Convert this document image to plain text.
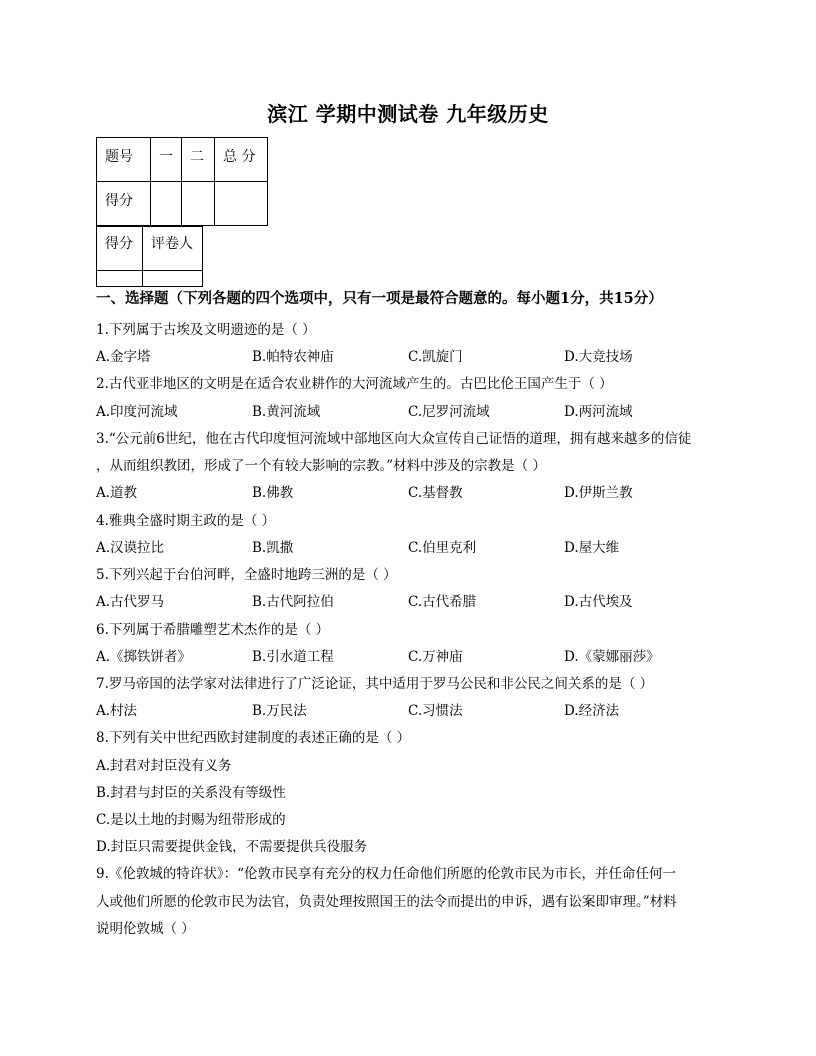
滨江 学期中测试卷 九年级历史
题号	一	二	总 分
得分			
得分	评卷人

一、选择题（下列各题的四个选项中，只有一项是最符合题意的。每小题1分，共15分）
1.下列属于古埃及文明遗迹的是（ ）
A.金字塔	B.帕特农神庙	C.凯旋门	D.大竞技场
2.古代亚非地区的文明是在适合农业耕作的大河流域产生的。古巴比伦王国产生于（ ）
A.印度河流域	B.黄河流域	C.尼罗河流域	D.两河流域
3.“公元前6世纪，他在古代印度恒河流域中部地区向大众宣传自己证悟的道理，拥有越来越多的信徒
，从而组织教团，形成了一个有较大影响的宗教。”材料中涉及的宗教是（ ）
A.道教	B.佛教	C.基督教	D.伊斯兰教
4.雅典全盛时期主政的是（ ）
A.汉谟拉比	B.凯撒	C.伯里克利	D.屋大维
5.下列兴起于台伯河畔，全盛时地跨三洲的是（ ）
A.古代罗马	B.古代阿拉伯	C.古代希腊	D.古代埃及
6.下列属于希腊雕塑艺术杰作的是（ ）
A.《掷铁饼者》	B.引水道工程	C.万神庙	D.《蒙娜丽莎》
7.罗马帝国的法学家对法律进行了广泛论证，其中适用于罗马公民和非公民之间关系的是（ ）
A.村法	B.万民法	C.习惯法	D.经济法
8.下列有关中世纪西欧封建制度的表述正确的是（ ）
A.封君对封臣没有义务
B.封君与封臣的关系没有等级性
C.是以土地的封赐为纽带形成的
D.封臣只需要提供金钱，不需要提供兵役服务
9.《伦敦城的特许状》：“伦敦市民享有充分的权力任命他们所愿的伦敦市民为市长，并任命任何一
人或他们所愿的伦敦市民为法官，负责处理按照国王的法令而提出的申诉，遇有讼案即审理。”材料
说明伦敦城（ ）
